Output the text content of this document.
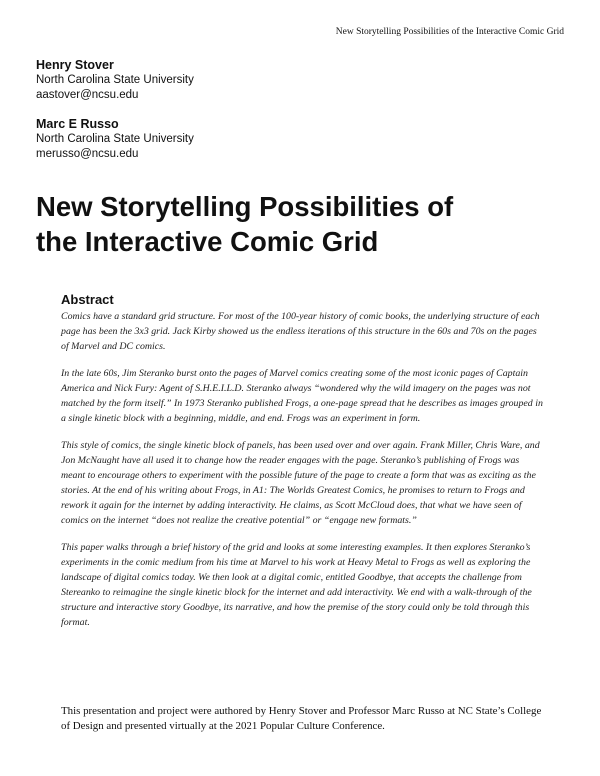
New Storytelling Possibilities of the Interactive Comic Grid
Henry Stover
North Carolina State University
aastover@ncsu.edu
Marc E Russo
North Carolina State University
merusso@ncsu.edu
New Storytelling Possibilities of
the Interactive Comic Grid
Abstract

Comics have a standard grid structure. For most of the 100-year history of comic books, the underlying structure of each page has been the 3x3 grid. Jack Kirby showed us the endless iterations of this structure in the 60s and 70s on the pages of Marvel and DC comics.

In the late 60s, Jim Steranko burst onto the pages of Marvel comics creating some of the most iconic pages of Captain America and Nick Fury: Agent of S.H.E.I.L.D. Steranko always “wondered why the wild imagery on the pages was not matched by the form itself.” In 1973 Steranko published Frogs, a one-page spread that he describes as images grouped in a single kinetic block with a beginning, middle, and end. Frogs was an experiment in form.

This style of comics, the single kinetic block of panels, has been used over and over again. Frank Miller, Chris Ware, and Jon McNaught have all used it to change how the reader engages with the page. Steranko’s publishing of Frogs was meant to encourage others to experiment with the possible future of the page to create a form that was as exciting as the stories. At the end of his writing about Frogs, in A1: The Worlds Greatest Comics, he promises to return to Frogs and rework it again for the internet by adding interactivity. He claims, as Scott McCloud does, that what we have seen of comics on the internet “does not realize the creative potential” or “engage new formats.”

This paper walks through a brief history of the grid and looks at some interesting examples. It then explores Steranko’s experiments in the comic medium from his time at Marvel to his work at Heavy Metal to Frogs as well as exploring the landscape of digital comics today. We then look at a digital comic, entitled Goodbye, that accepts the challenge from Stereanko to reimagine the single kinetic block for the internet and add interactivity. We end with a walk-through of the structure and interactive story Goodbye, its narrative, and how the premise of the story could only be told through this format.

This presentation and project were authored by Henry Stover and Professor Marc Russo at NC State’s College of Design and presented virtually at the 2021 Popular Culture Conference.
